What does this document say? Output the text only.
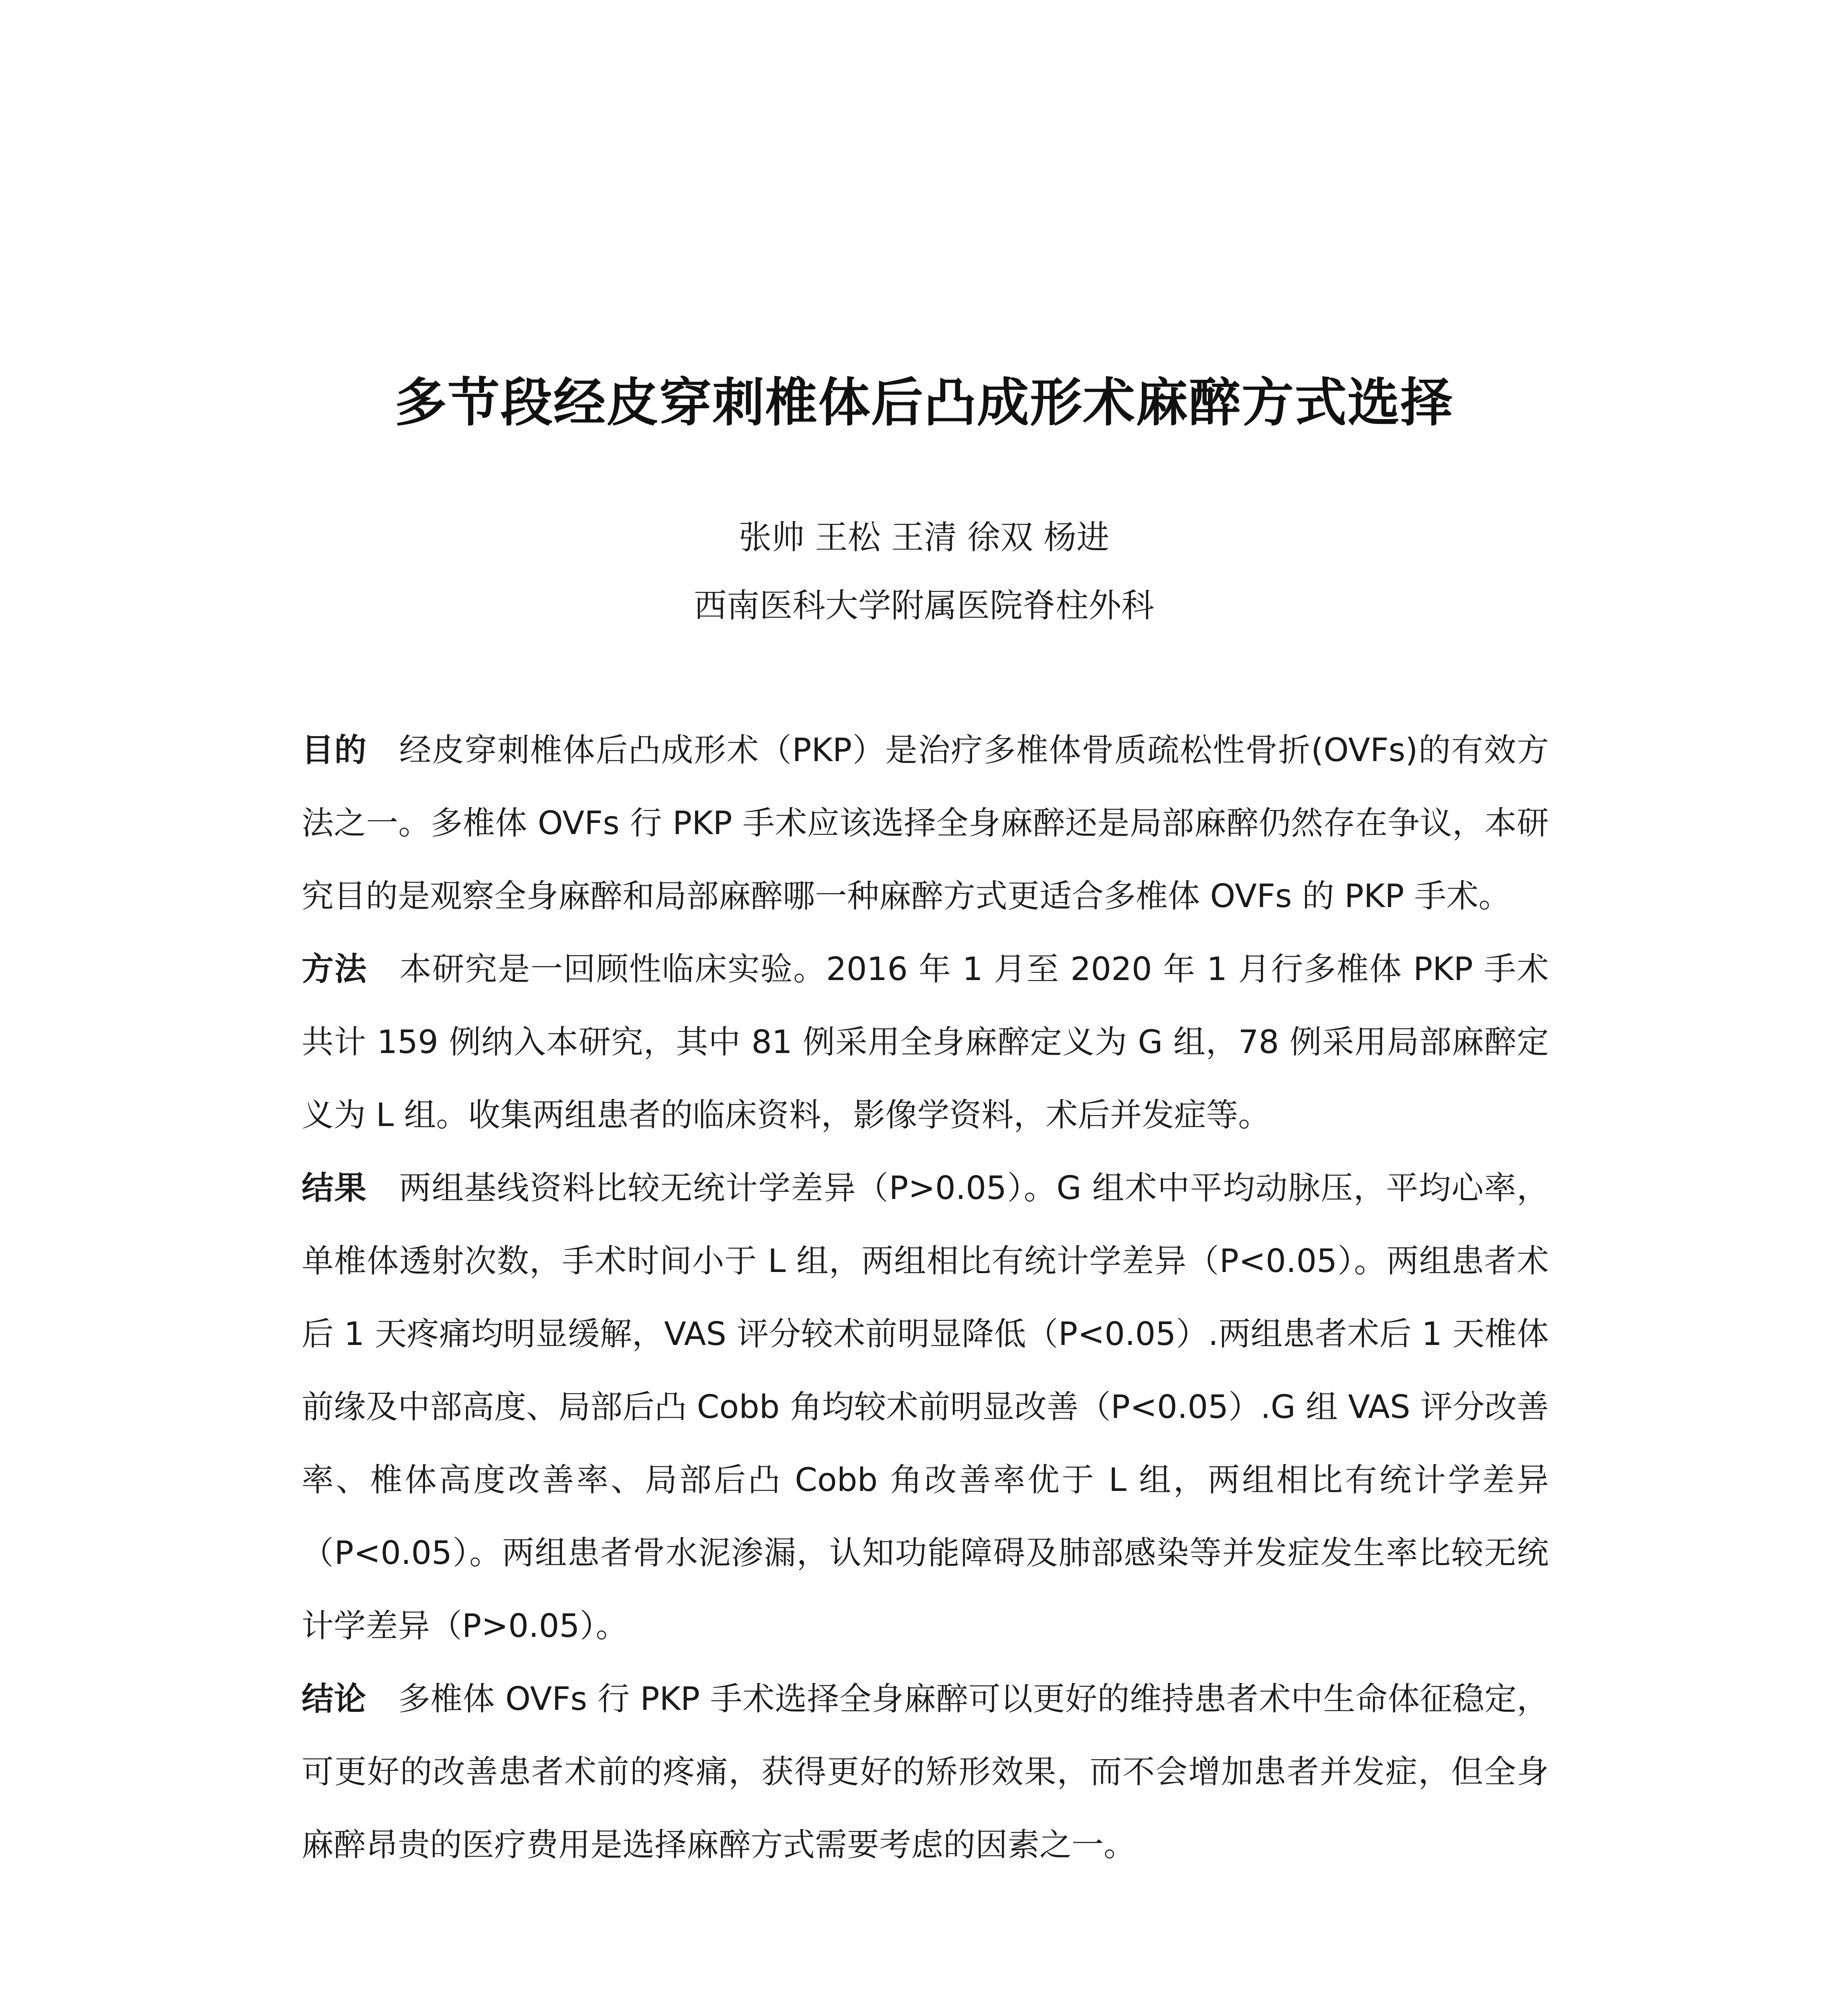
多节段经皮穿刺椎体后凸成形术麻醉方式选择

张帅 王松 王清 徐双 杨进

西南医科大学附属医院脊柱外科

目的 经皮穿刺椎体后凸成形术（PKP）是治疗多椎体骨质疏松性骨折(OVFs)的有效方法之一。多椎体 OVFs 行 PKP 手术应该选择全身麻醉还是局部麻醉仍然存在争议，本研究目的是观察全身麻醉和局部麻醉哪一种麻醉方式更适合多椎体 OVFs 的 PKP 手术。

方法 本研究是一回顾性临床实验。2016 年 1 月至 2020 年 1 月行多椎体 PKP 手术共计 159 例纳入本研究，其中 81 例采用全身麻醉定义为 G 组，78 例采用局部麻醉定义为 L 组。收集两组患者的临床资料，影像学资料，术后并发症等。

结果 两组基线资料比较无统计学差异（P>0.05）。G 组术中平均动脉压，平均心率，单椎体透射次数，手术时间小于 L 组，两组相比有统计学差异（P<0.05）。两组患者术后 1 天疼痛均明显缓解，VAS 评分较术前明显降低（P<0.05）.两组患者术后 1 天椎体前缘及中部高度、局部后凸 Cobb 角均较术前明显改善（P<0.05）.G 组 VAS 评分改善率、椎体高度改善率、局部后凸 Cobb 角改善率优于 L 组，两组相比有统计学差异（P<0.05）。两组患者骨水泥渗漏，认知功能障碍及肺部感染等并发症发生率比较无统计学差异（P>0.05）。

结论 多椎体 OVFs 行 PKP 手术选择全身麻醉可以更好的维持患者术中生命体征稳定，可更好的改善患者术前的疼痛，获得更好的矫形效果，而不会增加患者并发症，但全身麻醉昂贵的医疗费用是选择麻醉方式需要考虑的因素之一。
